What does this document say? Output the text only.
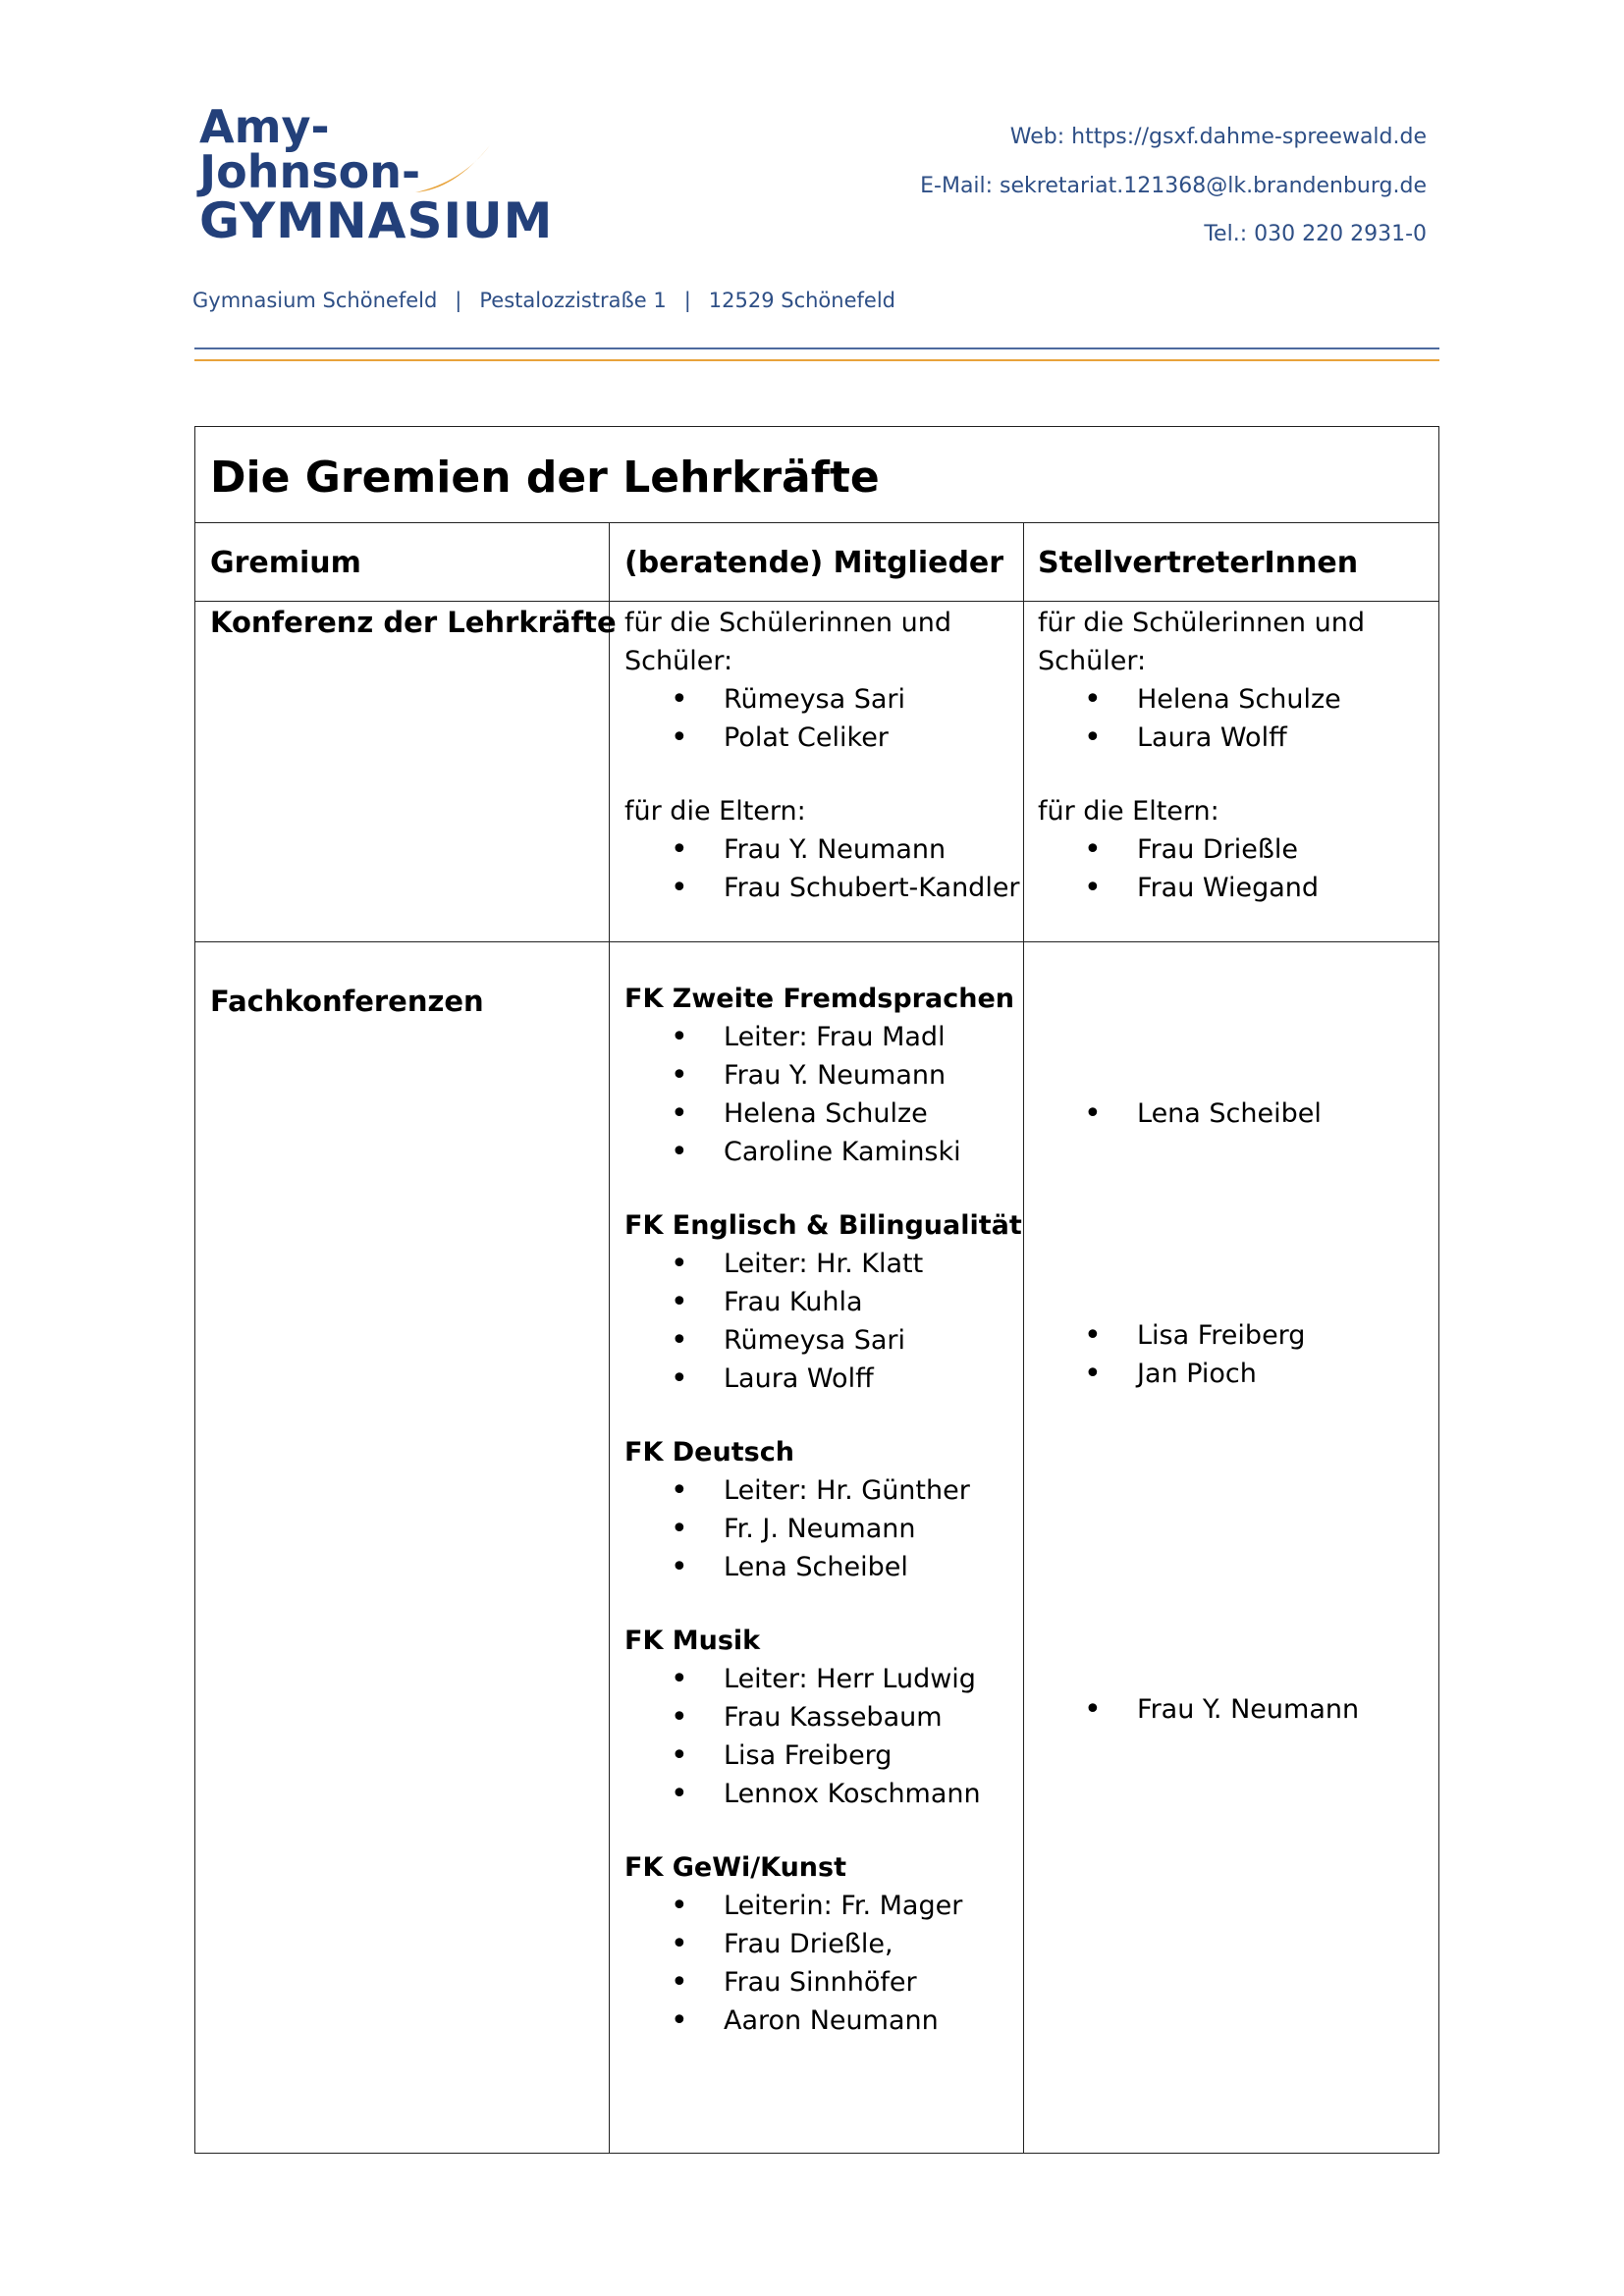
Amy-
Johnson-
GYMNASIUM
Web: https://gsxf.dahme-spreewald.de
E-Mail: sekretariat.121368@lk.brandenburg.de
Tel.: 030 220 2931-0
Gymnasium Schönefeld | Pestalozzistraße 1 | 12529 Schönefeld
Die Gremien der Lehrkräfte
Gremium	(beratende) Mitglieder StellvertreterInnen
Konferenz der Lehrkräfte für die Schülerinnen und
Schüler:
• Rümeysa Sari
• Polat Celiker
für die Eltern:
• Frau Y. Neumann
• Frau Schubert-Kandler
für die Schülerinnen und
Schüler:
• Helena Schulze
• Laura Wolff
für die Eltern:
• Frau Drießle
• Frau Wiegand
Fachkonferenzen	FK Zweite Fremdsprachen
• Leiter: Frau Madl
• Frau Y. Neumann
• Helena Schulze
• Caroline Kaminski
FK Englisch & Bilingualität
• Leiter: Hr. Klatt
• Frau Kuhla
• Rümeysa Sari
• Laura Wolff
FK Deutsch
• Leiter: Hr. Günther
• Fr. J. Neumann
• Lena Scheibel
FK Musik
• Leiter: Herr Ludwig
• Frau Kassebaum
• Lisa Freiberg
• Lennox Koschmann
FK GeWi/Kunst
• Leiterin: Fr. Mager
• Frau Drießle,
• Frau Sinnhöfer
• Aaron Neumann
• Lena Scheibel
• Lisa Freiberg
• Jan Pioch
• Frau Y. Neumann
